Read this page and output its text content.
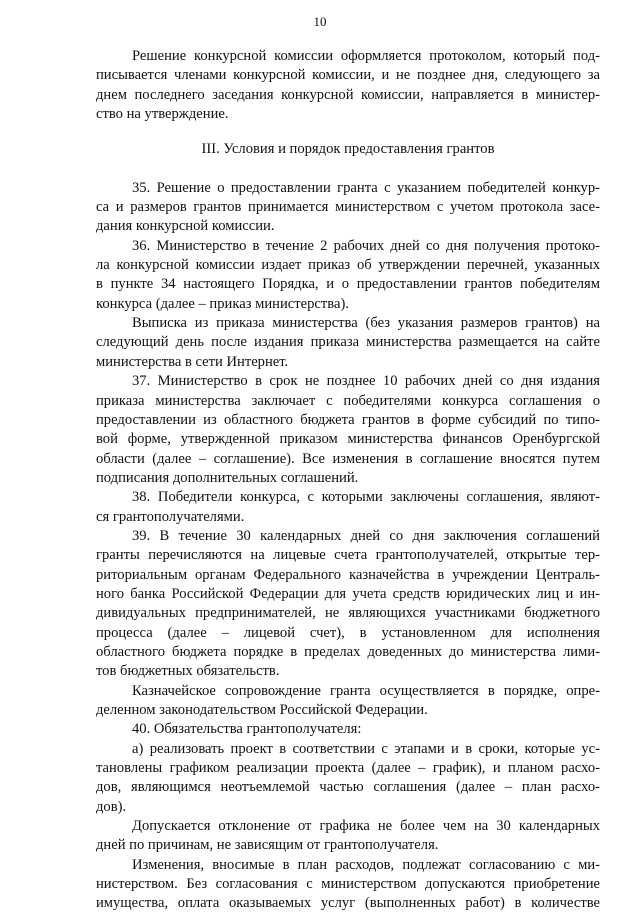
10
Решение конкурсной комиссии оформляется протоколом, который под-
писывается членами конкурсной комиссии, и не позднее дня, следующего за
днем последнего заседания конкурсной комиссии, направляется в министер-
ство на утверждение.
III. Условия и порядок предоставления грантов
35. Решение о предоставлении гранта с указанием победителей конкур-
са и размеров грантов принимается министерством с учетом протокола засе-
дания конкурсной комиссии.
36. Министерство в течение 2 рабочих дней со дня получения протоко-
ла конкурсной комиссии издает приказ об утверждении перечней, указанных
в пункте 34 настоящего Порядка, и о предоставлении грантов победителям
конкурса (далее – приказ министерства).
Выписка из приказа министерства (без указания размеров грантов) на
следующий день после издания приказа министерства размещается на сайте
министерства в сети Интернет.
37. Министерство в срок не позднее 10 рабочих дней со дня издания
приказа министерства заключает с победителями конкурса соглашения о
предоставлении из областного бюджета грантов в форме субсидий по типо-
вой форме, утвержденной приказом министерства финансов Оренбургской
области (далее – соглашение). Все изменения в соглашение вносятся путем
подписания дополнительных соглашений.
38. Победители конкурса, с которыми заключены соглашения, являют-
ся грантополучателями.
39. В течение 30 календарных дней со дня заключения соглашений
гранты перечисляются на лицевые счета грантополучателей, открытые тер-
риториальным органам Федерального казначейства в учреждении Централь-
ного банка Российской Федерации для учета средств юридических лиц и ин-
дивидуальных предпринимателей, не являющихся участниками бюджетного
процесса (далее – лицевой счет), в установленном для исполнения
областного бюджета порядке в пределах доведенных до министерства лими-
тов бюджетных обязательств.
Казначейское сопровождение гранта осуществляется в порядке, опре-
деленном законодательством Российской Федерации.
40. Обязательства грантополучателя:
а) реализовать проект в соответствии с этапами и в сроки, которые ус-
тановлены графиком реализации проекта (далее – график), и планом расхо-
дов, являющимся неотъемлемой частью соглашения (далее – план расхо-
дов).
Допускается отклонение от графика не более чем на 30 календарных
дней по причинам, не зависящим от грантополучателя.
Изменения, вносимые в план расходов, подлежат согласованию с ми-
нистерством. Без согласования с министерством допускаются приобретение
имущества, оплата оказываемых услуг (выполненных работ) в количестве
